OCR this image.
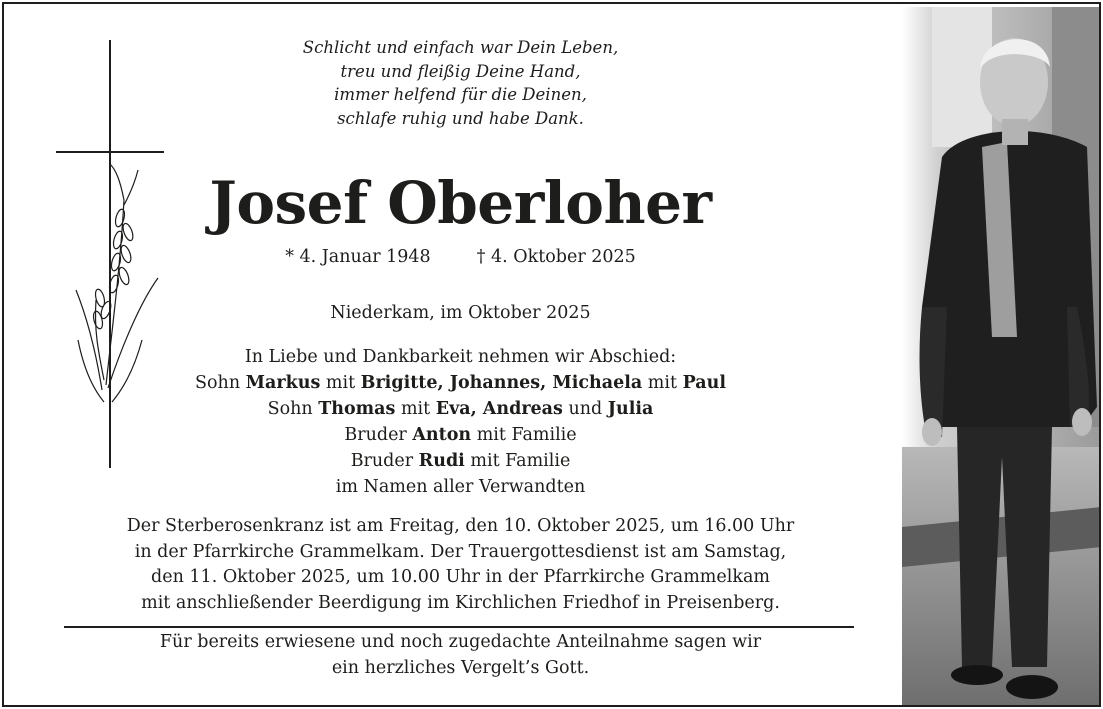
Schlicht und einfach war Dein Leben,
treu und fleißig Deine Hand,
immer helfend für die Deinen,
schlafe ruhig und habe Dank.
Josef Oberloher
* 4. Januar 1948	† 4. Oktober 2025
Niederkam, im Oktober 2025
In Liebe und Dankbarkeit nehmen wir Abschied:
Sohn Markus mit Brigitte, Johannes, Michaela mit Paul
Sohn Thomas mit Eva, Andreas und Julia
Bruder Anton mit Familie
Bruder Rudi mit Familie
im Namen aller Verwandten
Der Sterberosenkranz ist am Freitag, den 10. Oktober 2025, um 16.00 Uhr
in der Pfarrkirche Grammelkam. Der Trauergottesdienst ist am Samstag,
den 11. Oktober 2025, um 10.00 Uhr in der Pfarrkirche Grammelkam
mit anschließender Beerdigung im Kirchlichen Friedhof in Preisenberg.
Für bereits erwiesene und noch zugedachte Anteilnahme sagen wir
ein herzliches Vergelt’s Gott.
